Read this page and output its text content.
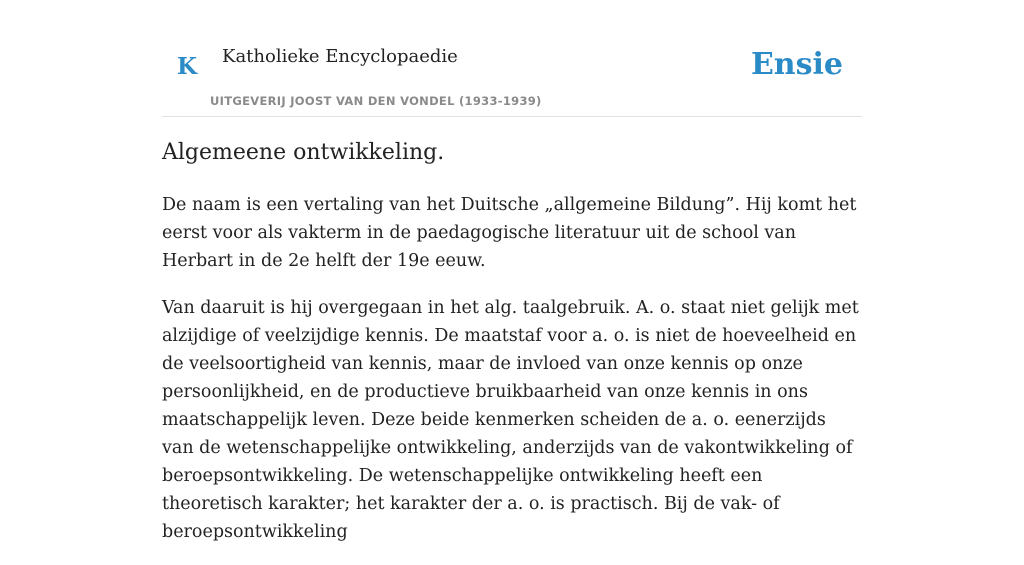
K Katholieke Encyclopaedie
UITGEVERIJ JOOST VAN DEN VONDEL (1933-1939)
Ensie
Algemeene ontwikkeling.

De naam is een vertaling van het Duitsche „allgemeine Bildung”. Hij komt het eerst voor als vakterm in de paedagogische literatuur uit de school van Herbart in de 2e helft der 19e eeuw.

Van daaruit is hij overgegaan in het alg. taalgebruik. A. o. staat niet gelijk met alzijdige of veelzijdige kennis. De maatstaf voor a. o. is niet de hoeveelheid en de veelsoortigheid van kennis, maar de invloed van onze kennis op onze persoonlijkheid, en de productieve bruikbaarheid van onze kennis in ons maatschappelijk leven. Deze beide kenmerken scheiden de a. o. eenerzijds van de wetenschappelijke ontwikkeling, anderzijds van de vakontwikkeling of beroepsontwikkeling. De wetenschappelijke ontwikkeling heeft een theoretisch karakter; het karakter der a. o. is practisch. Bij de vak- of beroepsontwikkeling
